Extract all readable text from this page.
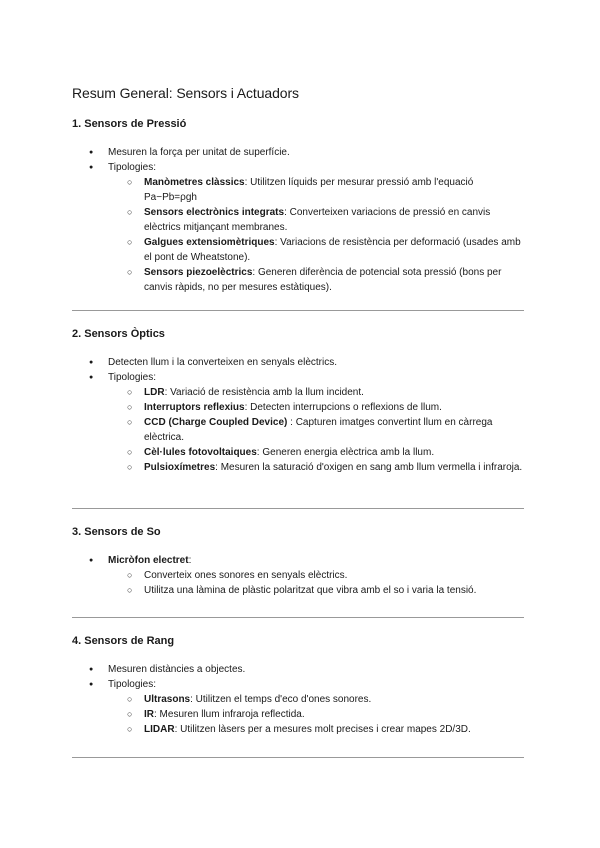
Resum General: Sensors i Actuadors
1. Sensors de Pressió
● Mesuren la força per unitat de superfície.
● Tipologies:
○ Manòmetres clàssics: Utilitzen líquids per mesurar pressió amb l'equació Pa−Pb=ρgh
○ Sensors electrònics integrats: Converteixen variacions de pressió en canvis elèctrics mitjançant membranes.
○ Galgues extensiomètriques: Variacions de resistència per deformació (usades amb el pont de Wheatstone).
○ Sensors piezoelèctrics: Generen diferència de potencial sota pressió (bons per canvis ràpids, no per mesures estàtiques).
2. Sensors Òptics
● Detecten llum i la converteixen en senyals elèctrics.
● Tipologies:
○ LDR: Variació de resistència amb la llum incident.
○ Interruptors reflexius: Detecten interrupcions o reflexions de llum.
○ CCD (Charge Coupled Device) : Capturen imatges convertint llum en càrrega elèctrica.
○ Cèl·lules fotovoltaiques: Generen energia elèctrica amb la llum.
○ Pulsioxímetres: Mesuren la saturació d'oxigen en sang amb llum vermella i infraroja.
3. Sensors de So
● Micròfon electret:
○ Converteix ones sonores en senyals elèctrics.
○ Utilitza una làmina de plàstic polaritzat que vibra amb el so i varia la tensió.
4. Sensors de Rang
● Mesuren distàncies a objectes.
● Tipologies:
○ Ultrasons: Utilitzen el temps d'eco d'ones sonores.
○ IR: Mesuren llum infraroja reflectida.
○ LIDAR: Utilitzen làsers per a mesures molt precises i crear mapes 2D/3D.
